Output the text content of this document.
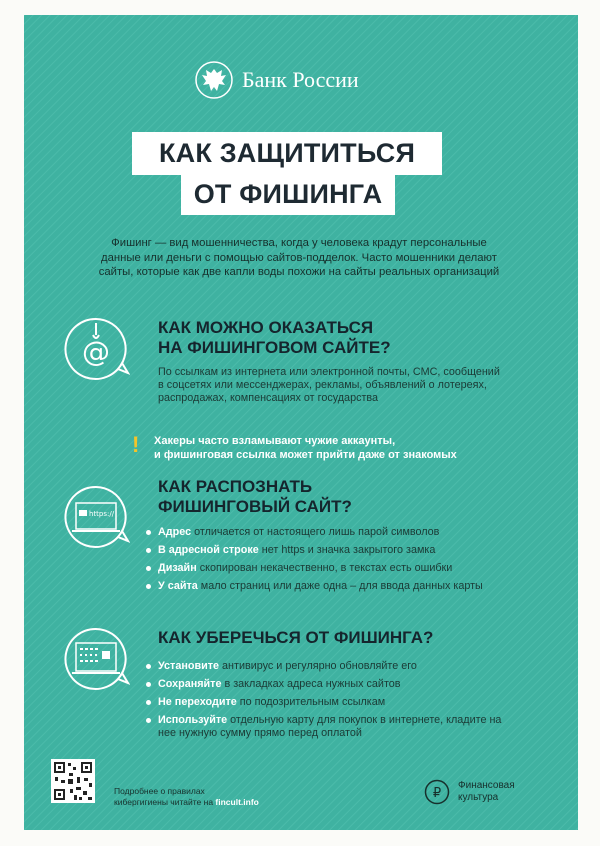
Банк России
КАК ЗАЩИТИТЬСЯ
ОТ ФИШИНГА
Фишинг — вид мошенничества, когда у человека крадут персональные данные или деньги с помощью сайтов-подделок. Часто мошенники делают сайты, которые как две капли воды похожи на сайты реальных организаций
@
КАК МОЖНО ОКАЗАТЬСЯ
НА ФИШИНГОВОМ САЙТЕ?
По ссылкам из интернета или электронной почты, СМС, сообщений в соцсетях или мессенджерах, рекламы, объявлений о лотереях, распродажах, компенсациях от государства
! Хакеры часто взламывают чужие аккаунты,
и фишинговая ссылка может прийти даже от знакомых
https://
КАК РАСПОЗНАТЬ
ФИШИНГОВЫЙ САЙТ?
Адрес отличается от настоящего лишь парой символов
В адресной строке нет https и значка закрытого замка
Дизайн скопирован некачественно, в текстах есть ошибки
У сайта мало страниц или даже одна – для ввода данных карты
КАК УБЕРЕЧЬСЯ ОТ ФИШИНГА?
Установите антивирус и регулярно обновляйте его
Сохраняйте в закладках адреса нужных сайтов
Не переходите по подозрительным ссылкам
Используйте отдельную карту для покупок в интернете, кладите на нее нужную сумму прямо перед оплатой
Подробнее о правилах
кибергигиены читайте на fincult.info
₽
Финансовая
культура
